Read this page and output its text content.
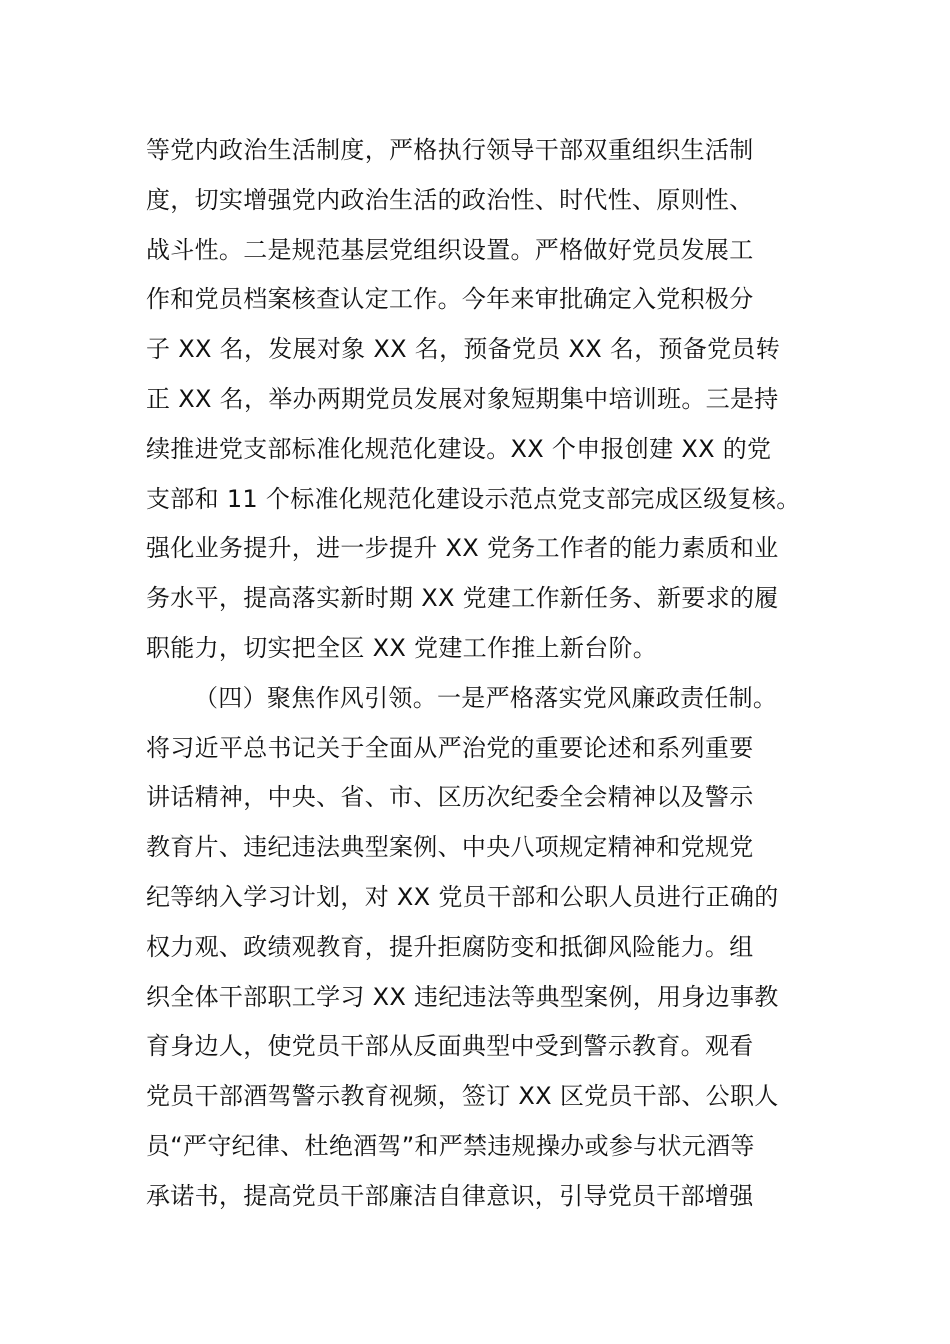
等党内政治生活制度，严格执行领导干部双重组织生活制
度，切实增强党内政治生活的政治性、时代性、原则性、
战斗性。二是规范基层党组织设置。严格做好党员发展工
作和党员档案核查认定工作。今年来审批确定入党积极分
子 XX 名，发展对象 XX 名，预备党员 XX 名，预备党员转
正 XX 名，举办两期党员发展对象短期集中培训班。三是持
续推进党支部标准化规范化建设。XX 个申报创建 XX 的党
支部和 11 个标准化规范化建设示范点党支部完成区级复核。
强化业务提升，进一步提升 XX 党务工作者的能力素质和业
务水平，提高落实新时期 XX 党建工作新任务、新要求的履
职能力，切实把全区 XX 党建工作推上新台阶。
（四）聚焦作风引领。一是严格落实党风廉政责任制。
将习近平总书记关于全面从严治党的重要论述和系列重要
讲话精神，中央、省、市、区历次纪委全会精神以及警示
教育片、违纪违法典型案例、中央八项规定精神和党规党
纪等纳入学习计划，对 XX 党员干部和公职人员进行正确的
权力观、政绩观教育，提升拒腐防变和抵御风险能力。组
织全体干部职工学习 XX 违纪违法等典型案例，用身边事教
育身边人，使党员干部从反面典型中受到警示教育。观看
党员干部酒驾警示教育视频，签订 XX 区党员干部、公职人
员“严守纪律、杜绝酒驾”和严禁违规操办或参与状元酒等
承诺书，提高党员干部廉洁自律意识，引导党员干部增强
